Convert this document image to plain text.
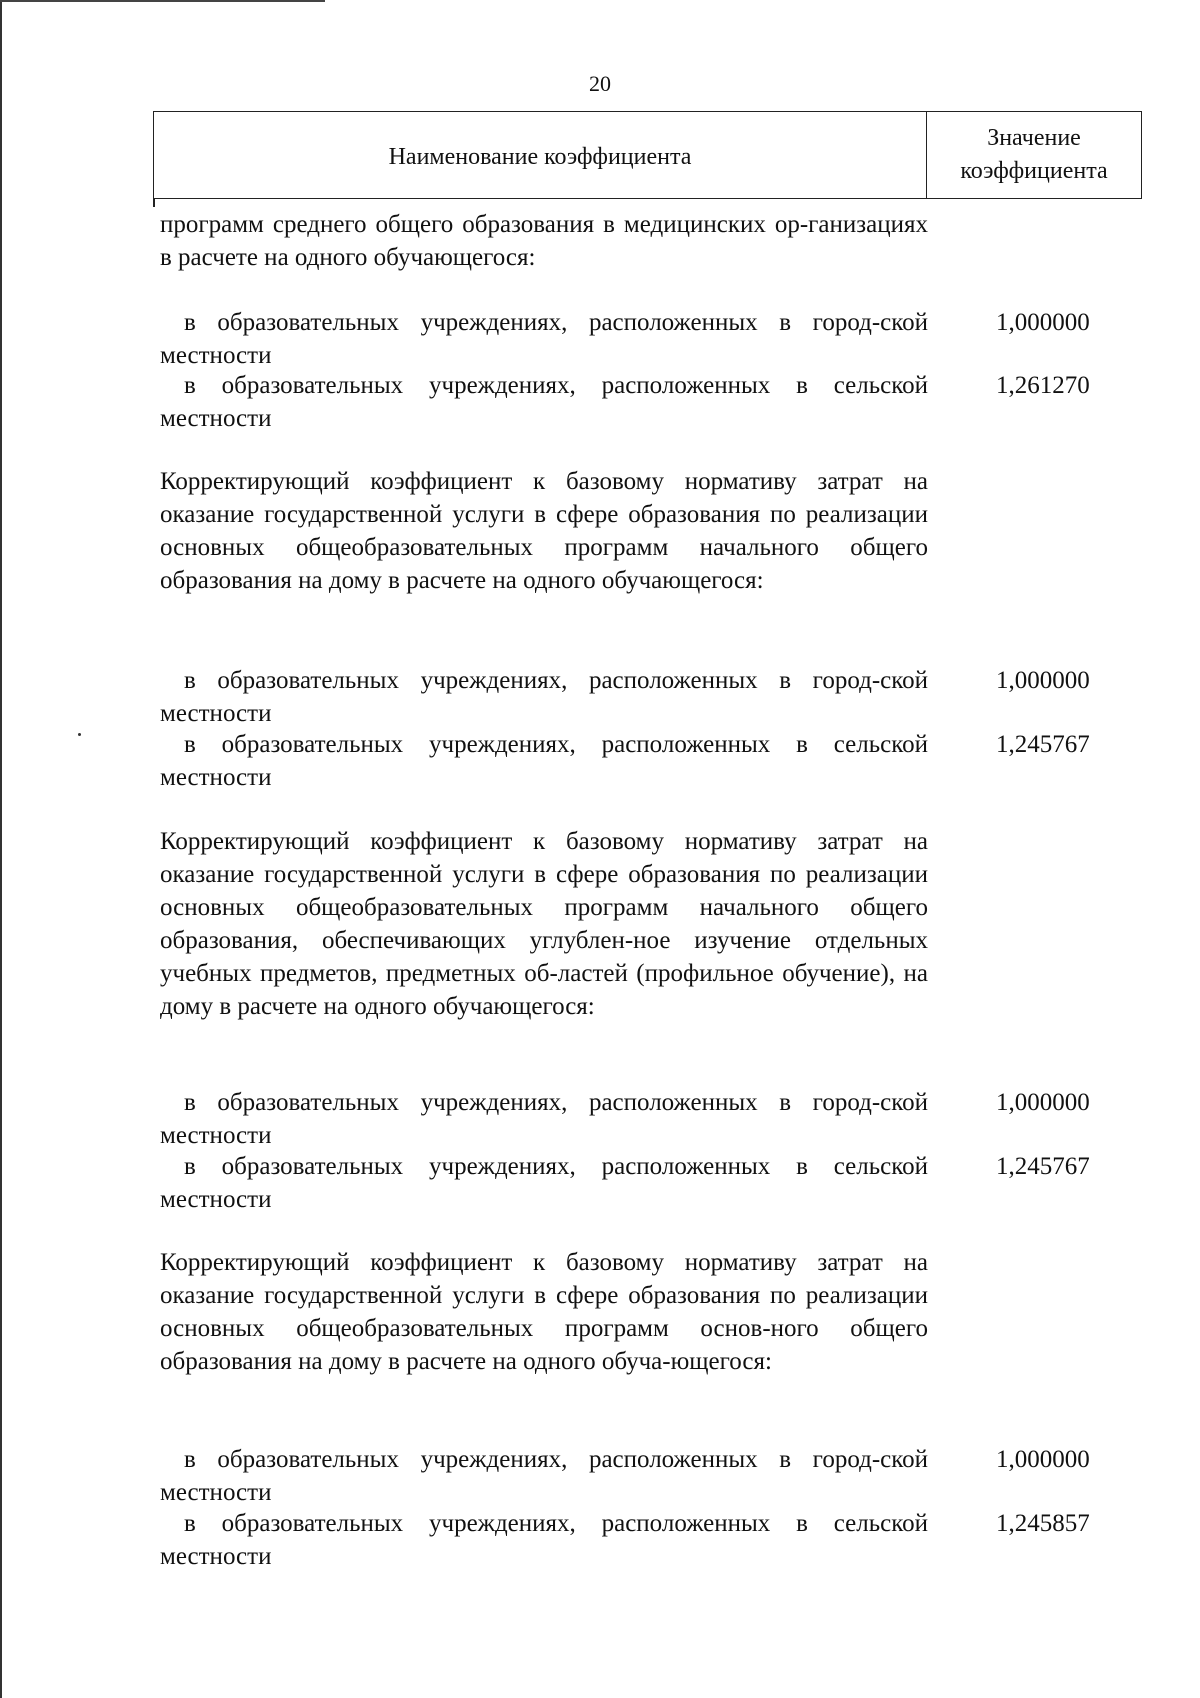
20
Наименование коэффициента
Значение коэффициента
программ среднего общего образования в медицинских ор-ганизациях в расчете на одного обучающегося:
в образовательных учреждениях, расположенных в город-ской местности
1,000000
в образовательных учреждениях, расположенных в сельской местности
1,261270
Корректирующий коэффициент к базовому нормативу затрат на оказание государственной услуги в сфере образования по реализации основных общеобразовательных программ начального общего образования на дому в расчете на одного обучающегося:
в образовательных учреждениях, расположенных в город-ской местности
1,000000
в образовательных учреждениях, расположенных в сельской местности
1,245767
Корректирующий коэффициент к базовому нормативу затрат на оказание государственной услуги в сфере образования по реализации основных общеобразовательных программ начального общего образования, обеспечивающих углублен-ное изучение отдельных учебных предметов, предметных об-ластей (профильное обучение), на дому в расчете на одного обучающегося:
в образовательных учреждениях, расположенных в город-ской местности
1,000000
в образовательных учреждениях, расположенных в сельской местности
1,245767
Корректирующий коэффициент к базовому нормативу затрат на оказание государственной услуги в сфере образования по реализации основных общеобразовательных программ основ-ного общего образования на дому в расчете на одного обуча-ющегося:
в образовательных учреждениях, расположенных в город-ской местности
1,000000
в образовательных учреждениях, расположенных в сельской местности
1,245857
